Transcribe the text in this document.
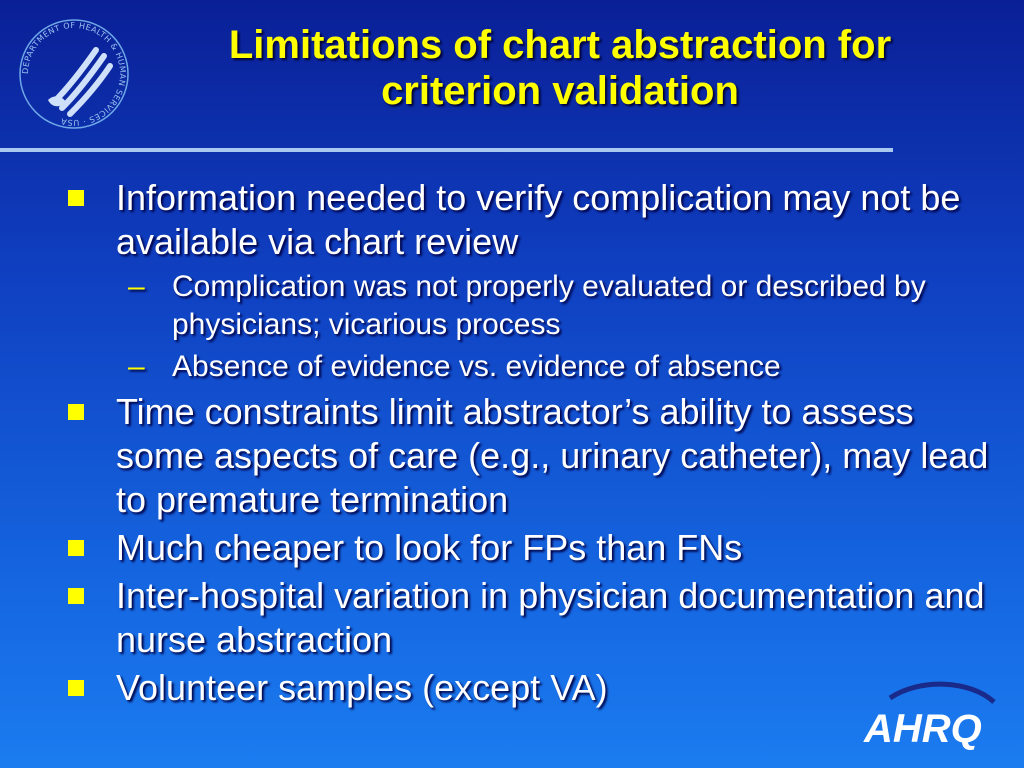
DEPARTMENT OF HEALTH & HUMAN SERVICES · USA
Limitations of chart abstraction for criterion validation
Information needed to verify complication may not be available via chart review
– Complication was not properly evaluated or described by physicians; vicarious process
– Absence of evidence vs. evidence of absence
Time constraints limit abstractor’s ability to assess some aspects of care (e.g., urinary catheter), may lead to premature termination
Much cheaper to look for FPs than FNs
Inter-hospital variation in physician documentation and nurse abstraction
Volunteer samples (except VA)
AHRQ
